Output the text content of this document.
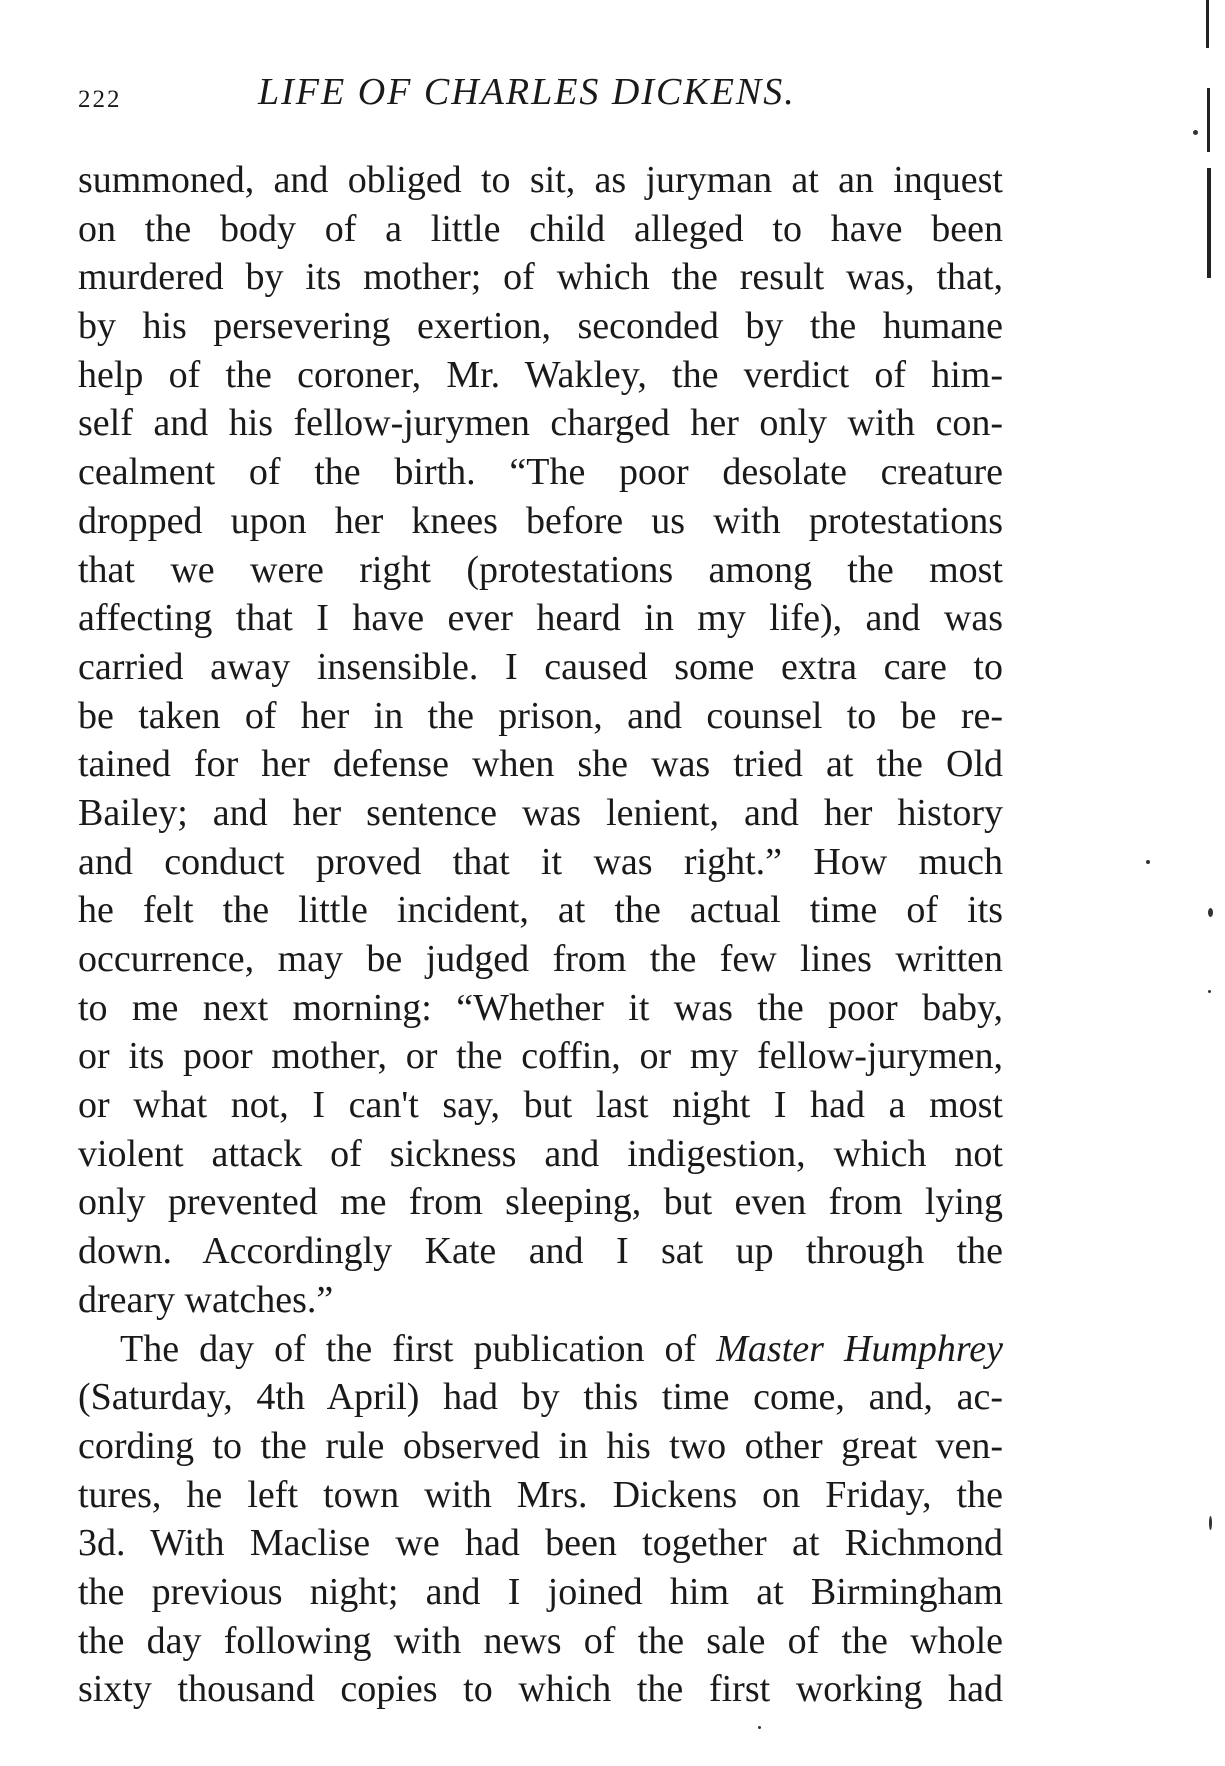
222	LIFE OF CHARLES DICKENS.
summoned, and obliged to sit, as juryman at an inquest
on the body of a little child alleged to have been
murdered by its mother; of which the result was, that,
by his persevering exertion, seconded by the humane
help of the coroner, Mr. Wakley, the verdict of him-
self and his fellow-jurymen charged her only with con-
cealment of the birth. “The poor desolate creature
dropped upon her knees before us with protestations
that we were right (protestations among the most
affecting that I have ever heard in my life), and was
carried away insensible. I caused some extra care to
be taken of her in the prison, and counsel to be re-
tained for her defense when she was tried at the Old
Bailey; and her sentence was lenient, and her history
and conduct proved that it was right.” How much
he felt the little incident, at the actual time of its
occurrence, may be judged from the few lines written
to me next morning: “Whether it was the poor baby,
or its poor mother, or the coffin, or my fellow-jurymen,
or what not, I can't say, but last night I had a most
violent attack of sickness and indigestion, which not
only prevented me from sleeping, but even from lying
down. Accordingly Kate and I sat up through the
dreary watches.”
The day of the first publication of Master Humphrey
(Saturday, 4th April) had by this time come, and, ac-
cording to the rule observed in his two other great ven-
tures, he left town with Mrs. Dickens on Friday, the
3d. With Maclise we had been together at Richmond
the previous night; and I joined him at Birmingham
the day following with news of the sale of the whole
sixty thousand copies to which the first working had
